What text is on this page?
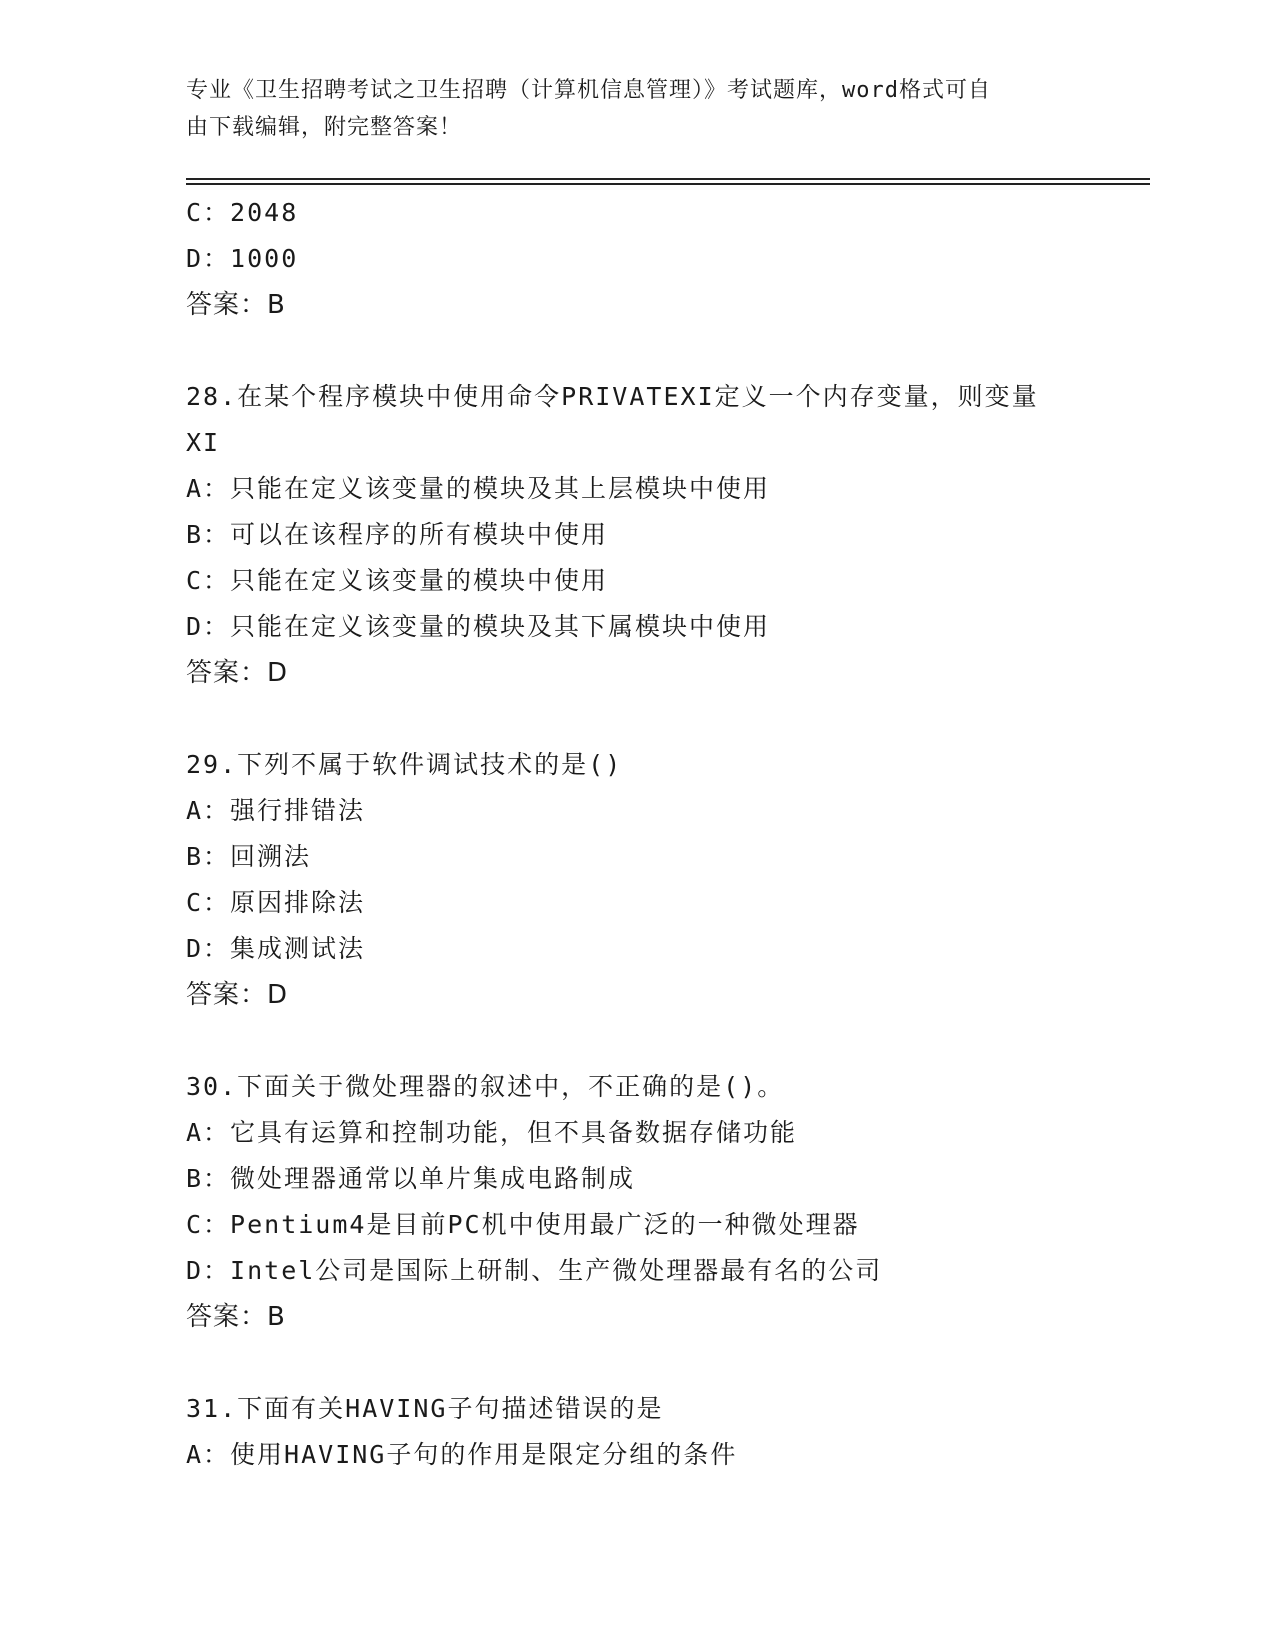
专业《卫生招聘考试之卫生招聘（计算机信息管理）》考试题库，word格式可自
由下载编辑，附完整答案！
C：2048
D：1000
答案：B
28.在某个程序模块中使用命令PRIVATEXI定义一个内存变量，则变量
XI
A：只能在定义该变量的模块及其上层模块中使用
B：可以在该程序的所有模块中使用
C：只能在定义该变量的模块中使用
D：只能在定义该变量的模块及其下属模块中使用
答案：D
29.下列不属于软件调试技术的是()
A：强行排错法
B：回溯法
C：原因排除法
D：集成测试法
答案：D
30.下面关于微处理器的叙述中，不正确的是()。
A：它具有运算和控制功能，但不具备数据存储功能
B：微处理器通常以单片集成电路制成
C：Pentium4是目前PC机中使用最广泛的一种微处理器
D：Intel公司是国际上研制、生产微处理器最有名的公司
答案：B
31.下面有关HAVING子句描述错误的是
A：使用HAVING子句的作用是限定分组的条件
